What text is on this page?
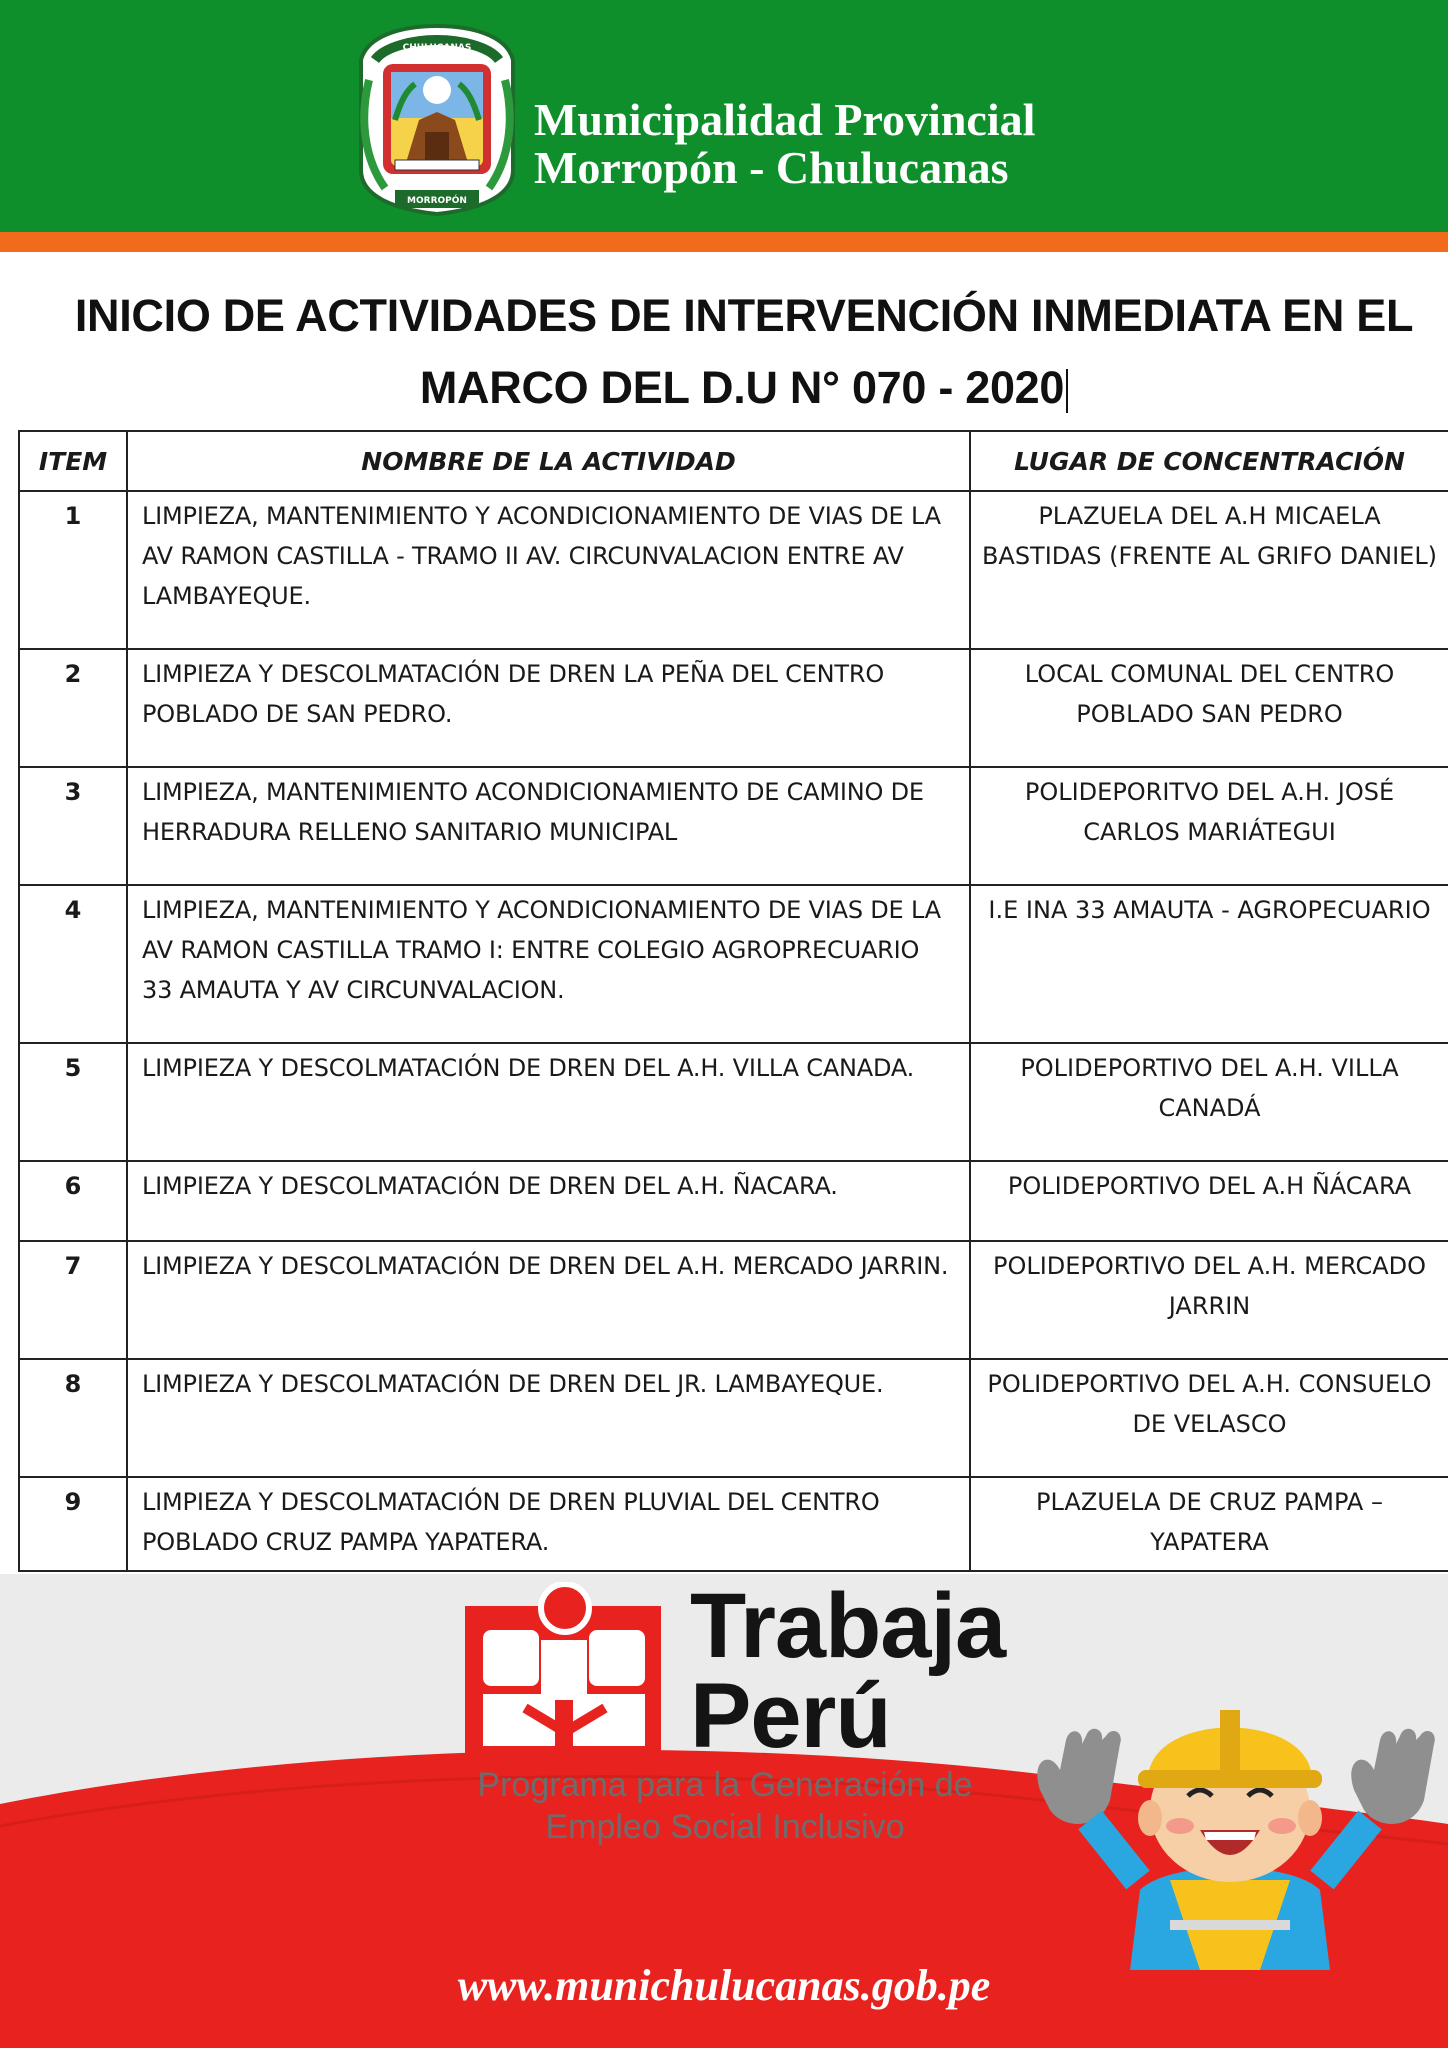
CHULUCANAS
MORROPÓN
Municipalidad Provincial
Morropón - Chulucanas
INICIO DE ACTIVIDADES DE INTERVENCIÓN INMEDIATA EN EL
MARCO DEL D.U N° 070 - 2020
ITEM	NOMBRE DE LA ACTIVIDAD	LUGAR DE CONCENTRACIÓN
1	LIMPIEZA, MANTENIMIENTO Y ACONDICIONAMIENTO DE VIAS DE LA AV RAMON CASTILLA - TRAMO II AV. CIRCUNVALACION ENTRE AV LAMBAYEQUE.	PLAZUELA DEL A.H MICAELA BASTIDAS (FRENTE AL GRIFO DANIEL)
2	LIMPIEZA Y DESCOLMATACIÓN DE DREN LA PEÑA DEL CENTRO POBLADO DE SAN PEDRO.	LOCAL COMUNAL DEL CENTRO POBLADO SAN PEDRO
3	LIMPIEZA, MANTENIMIENTO ACONDICIONAMIENTO DE CAMINO DE HERRADURA RELLENO SANITARIO MUNICIPAL	POLIDEPORITVO DEL A.H. JOSÉ CARLOS MARIÁTEGUI
4	LIMPIEZA, MANTENIMIENTO Y ACONDICIONAMIENTO DE VIAS DE LA AV RAMON CASTILLA TRAMO I: ENTRE COLEGIO AGROPRECUARIO 33 AMAUTA Y AV CIRCUNVALACION.	I.E INA 33 AMAUTA - AGROPECUARIO
5	LIMPIEZA Y DESCOLMATACIÓN DE DREN DEL A.H. VILLA CANADA.	POLIDEPORTIVO DEL A.H. VILLA CANADÁ
6	LIMPIEZA Y DESCOLMATACIÓN DE DREN DEL A.H. ÑACARA.	POLIDEPORTIVO DEL A.H ÑÁCARA
7	LIMPIEZA Y DESCOLMATACIÓN DE DREN DEL A.H. MERCADO JARRIN.	POLIDEPORTIVO DEL A.H. MERCADO JARRIN
8	LIMPIEZA Y DESCOLMATACIÓN DE DREN DEL JR. LAMBAYEQUE.	POLIDEPORTIVO DEL A.H. CONSUELO DE VELASCO
9	LIMPIEZA Y DESCOLMATACIÓN DE DREN PLUVIAL DEL CENTRO POBLADO CRUZ PAMPA YAPATERA.	PLAZUELA DE CRUZ PAMPA – YAPATERA
Trabaja
Perú
Programa para la Generación de
Empleo Social Inclusivo
www.munichulucanas.gob.pe
